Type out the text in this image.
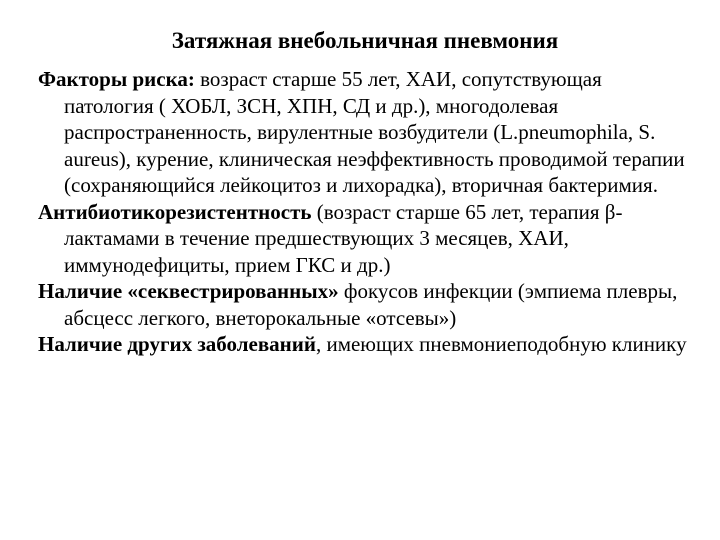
Затяжная внебольничная пневмония

Факторы риска: возраст старше 55 лет, ХАИ, сопутствующая патология ( ХОБЛ, ЗСН, ХПН, СД и др.), многодолевая распространенность, вирулентные возбудители (L.pneumophila, S. aureus), курение, клиническая неэффективность проводимой терапии (сохраняющийся лейкоцитоз и лихорадка), вторичная бактеримия.

Антибиотикорезистентность (возраст старше 65 лет, терапия β- лактамами в течение предшествующих 3 месяцев, ХАИ, иммунодефициты, прием ГКС и др.)

Наличие «секвестрированных» фокусов инфекции (эмпиема плевры, абсцесс легкого, внеторокальные «отсевы»)

Наличие других заболеваний, имеющих пневмониеподобную клинику
